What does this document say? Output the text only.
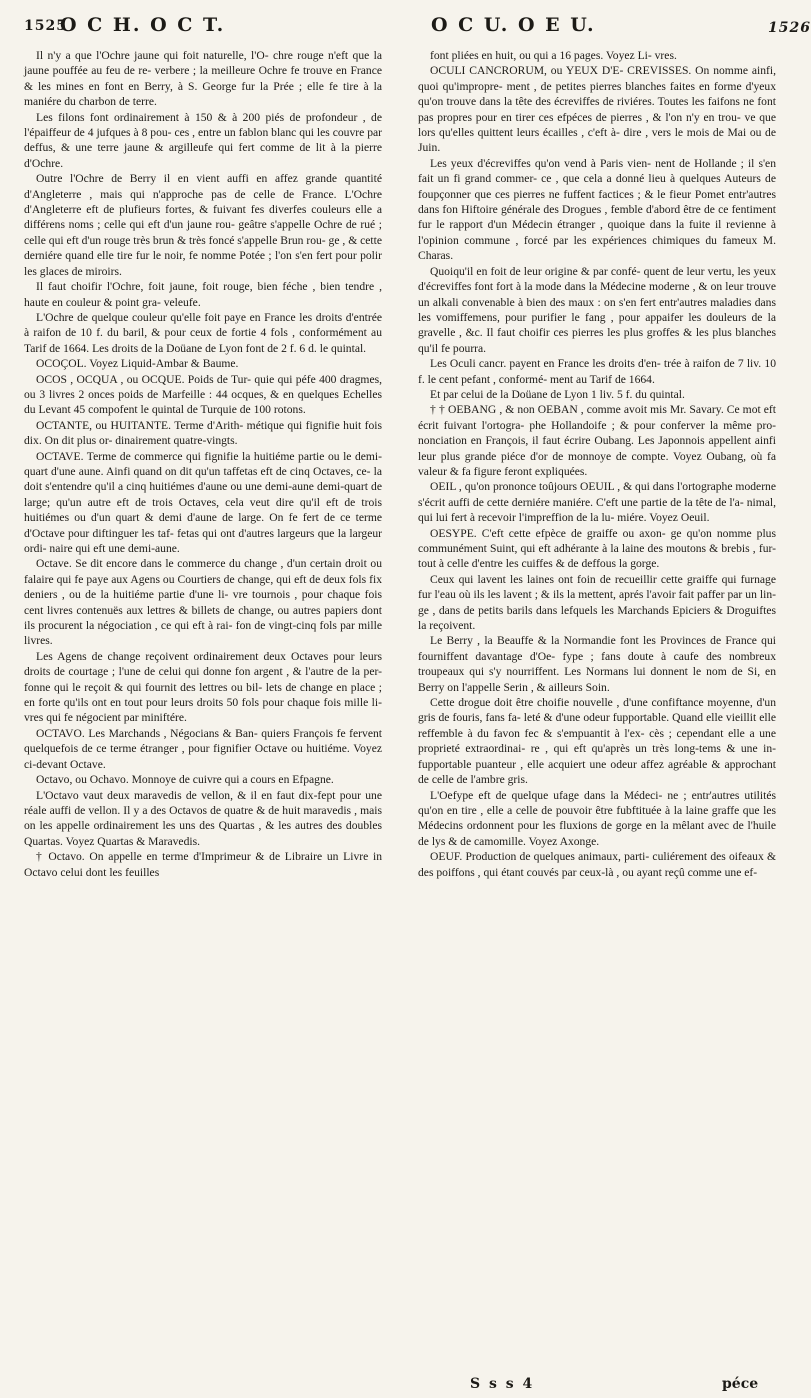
1525
O C H. O C T.	O C U. O E U.	1526

Il n'y a que l'Ochre jaune qui foit naturelle, l'O- chre rouge n'eft que la jaune pouffée au feu de re- verbere ; la meilleure Ochre fe trouve en France & les mines en font en Berry, à S. George fur la Prée ; elle fe tire à la maniére du charbon de terre.

Les filons font ordinairement à 150 & à 200 piés de profondeur , de l'épaiffeur de 4 jufques à 8 pou- ces , entre un fablon blanc qui les couvre par deffus, & une terre jaune & argilleufe qui fert comme de lit à la pierre d'Ochre.

Outre l'Ochre de Berry il en vient auffi en affez grande quantité d'Angleterre , mais qui n'approche pas de celle de France. L'Ochre d'Angleterre eft de plufieurs fortes, & fuivant fes diverfes couleurs elle a différens noms ; celle qui eft d'un jaune rou- geâtre s'appelle Ochre de rué ; celle qui eft d'un rouge très brun & très foncé s'appelle Brun rou- ge , & cette derniére quand elle tire fur le noir, fe nomme Potée ; l'on s'en fert pour polir les glaces de miroirs.

Il faut choifir l'Ochre, foit jaune, foit rouge, bien féche , bien tendre , haute en couleur & point gra- veleufe.

L'Ochre de quelque couleur qu'elle foit paye en France les droits d'entrée à raifon de 10 f. du baril, & pour ceux de fortie 4 fols , conformément au Tarif de 1664. Les droits de la Doüane de Lyon font de 2 f. 6 d. le quintal.

OCOÇOL. Voyez Liquid-Ambar & Baume.

OCOS , OCQUA , ou OCQUE. Poids de Tur- quie qui péfe 400 dragmes, ou 3 livres 2 onces poids de Marfeille : 44 ocques, & en quelques Echelles du Levant 45 compofent le quintal de Turquie de 100 rotons.

OCTANTE, ou HUITANTE. Terme d'Arith- métique qui fignifie huit fois dix. On dit plus or- dinairement quatre-vingts.

OCTAVE. Terme de commerce qui fignifie la huitiéme partie ou le demi-quart d'une aune. Ainfi quand on dit qu'un taffetas eft de cinq Octaves, ce- la doit s'entendre qu'il a cinq huitiémes d'aune ou une demi-aune demi-quart de large; qu'un autre eft de trois Octaves, cela veut dire qu'il eft de trois huitiémes ou d'un quart & demi d'aune de large. On fe fert de ce terme d'Octave pour diftinguer les taf- fetas qui ont d'autres largeurs que la largeur ordi- naire qui eft une demi-aune.

Octave. Se dit encore dans le commerce du change , d'un certain droit ou falaire qui fe paye aux Agens ou Courtiers de change, qui eft de deux fols fix deniers , ou de la huitiéme partie d'une li- vre tournois , pour chaque fois cent livres contenuës aux lettres & billets de change, ou autres papiers dont ils procurent la négociation , ce qui eft à rai- fon de vingt-cinq fols par mille livres.

Les Agens de change reçoivent ordinairement deux Octaves pour leurs droits de courtage ; l'une de celui qui donne fon argent , & l'autre de la per- fonne qui le reçoit & qui fournit des lettres ou bil- lets de change en place ; en forte qu'ils ont en tout pour leurs droits 50 fols pour chaque fois mille li- vres qui fe négocient par miniftére.

OCTAVO. Les Marchands , Négocians & Ban- quiers François fe fervent quelquefois de ce terme étranger , pour fignifier Octave ou huitiéme. Voyez ci-devant Octave.

Octavo, ou Ochavo. Monnoye de cuivre qui a cours en Efpagne.

L'Octavo vaut deux maravedis de vellon, & il en faut dix-fept pour une réale auffi de vellon. Il y a des Octavos de quatre & de huit maravedis , mais on les appelle ordinairement les uns des Quartas , & les autres des doubles Quartas. Voyez Quartas & Maravedis.

† Octavo. On appelle en terme d'Imprimeur & de Libraire un Livre in Octavo celui dont les feuilles

font pliées en huit, ou qui a 16 pages. Voyez Li- vres.

OCULI CANCRORUM, ou YEUX D'E- CREVISSES. On nomme ainfi, quoi qu'impropre- ment , de petites pierres blanches faites en forme d'yeux qu'on trouve dans la tête des écreviffes de riviéres. Toutes les faifons ne font pas propres pour en tirer ces efpéces de pierres , & l'on n'y en trou- ve que lors qu'elles quittent leurs écailles , c'eft à- dire , vers le mois de Mai ou de Juin.

Les yeux d'écreviffes qu'on vend à Paris vien- nent de Hollande ; il s'en fait un fi grand commer- ce , que cela a donné lieu à quelques Auteurs de foupçonner que ces pierres ne fuffent factices ; & le fieur Pomet entr'autres dans fon Hiftoire générale des Drogues , femble d'abord être de ce fentiment fur le rapport d'un Médecin étranger , quoique dans la fuite il revienne à l'opinion commune , forcé par les expériences chimiques du fameux M. Charas.

Quoiqu'il en foit de leur origine & par confé- quent de leur vertu, les yeux d'écreviffes font fort à la mode dans la Médecine moderne , & on leur trouve un alkali convenable à bien des maux : on s'en fert entr'autres maladies dans les vomiffemens, pour purifier le fang , pour appaifer les douleurs de la gravelle , &c. Il faut choifir ces pierres les plus groffes & les plus blanches qu'il fe pourra.

Les Oculi cancr. payent en France les droits d'en- trée à raifon de 7 liv. 10 f. le cent pefant , conformé- ment au Tarif de 1664.

Et par celui de la Doüane de Lyon 1 liv. 5 f. du quintal.

† † OEBANG , & non OEBAN , comme avoit mis Mr. Savary. Ce mot eft écrit fuivant l'ortogra- phe Hollandoife ; & pour conferver la même pro- nonciation en François, il faut écrire Oubang. Les Japonnois appellent ainfi leur plus grande piéce d'or de monnoye de compte. Voyez Oubang, où fa valeur & fa figure feront expliquées.

OEIL , qu'on prononce toûjours OEUIL , & qui dans l'ortographe moderne s'écrit auffi de cette derniére maniére. C'eft une partie de la tête de l'a- nimal, qui lui fert à recevoir l'impreffion de la lu- miére. Voyez Oeuil.

OESYPE. C'eft cette efpèce de graiffe ou axon- ge qu'on nomme plus communément Suint, qui eft adhérante à la laine des moutons & brebis , fur-tout à celle d'entre les cuiffes & de deffous la gorge.

Ceux qui lavent les laines ont foin de recueillir cette graiffe qui furnage fur l'eau où ils les lavent ; & ils la mettent, aprés l'avoir fait paffer par un lin- ge , dans de petits barils dans lefquels les Marchands Epiciers & Droguiftes la reçoivent.

Le Berry , la Beauffe & la Normandie font les Provinces de France qui fourniffent davantage d'Oe- fype ; fans doute à caufe des nombreux troupeaux qui s'y nourriffent. Les Normans lui donnent le nom de Si, en Berry on l'appelle Serin , & ailleurs Soin.

Cette drogue doit être choifie nouvelle , d'une confiftance moyenne, d'un gris de fouris, fans fa- leté & d'une odeur fupportable. Quand elle vieillit elle reffemble à du favon fec & s'empuantit à l'ex- cès ; cependant elle a une proprieté extraordinai- re , qui eft qu'après un très long-tems & une in- fupportable puanteur , elle acquiert une odeur affez agréable & approchant de celle de l'ambre gris.

L'Oefype eft de quelque ufage dans la Médeci- ne ; entr'autres utilités qu'on en tire , elle a celle de pouvoir être fubftituée à la laine graffe que les Médecins ordonnent pour les fluxions de gorge en la mêlant avec de l'huile de lys & de camomille. Voyez Axonge.

OEUF. Production de quelques animaux, parti- culiérement des oifeaux & des poiffons , qui étant couvés par ceux-là , ou ayant reçû comme une ef-

S s s 4	péce
